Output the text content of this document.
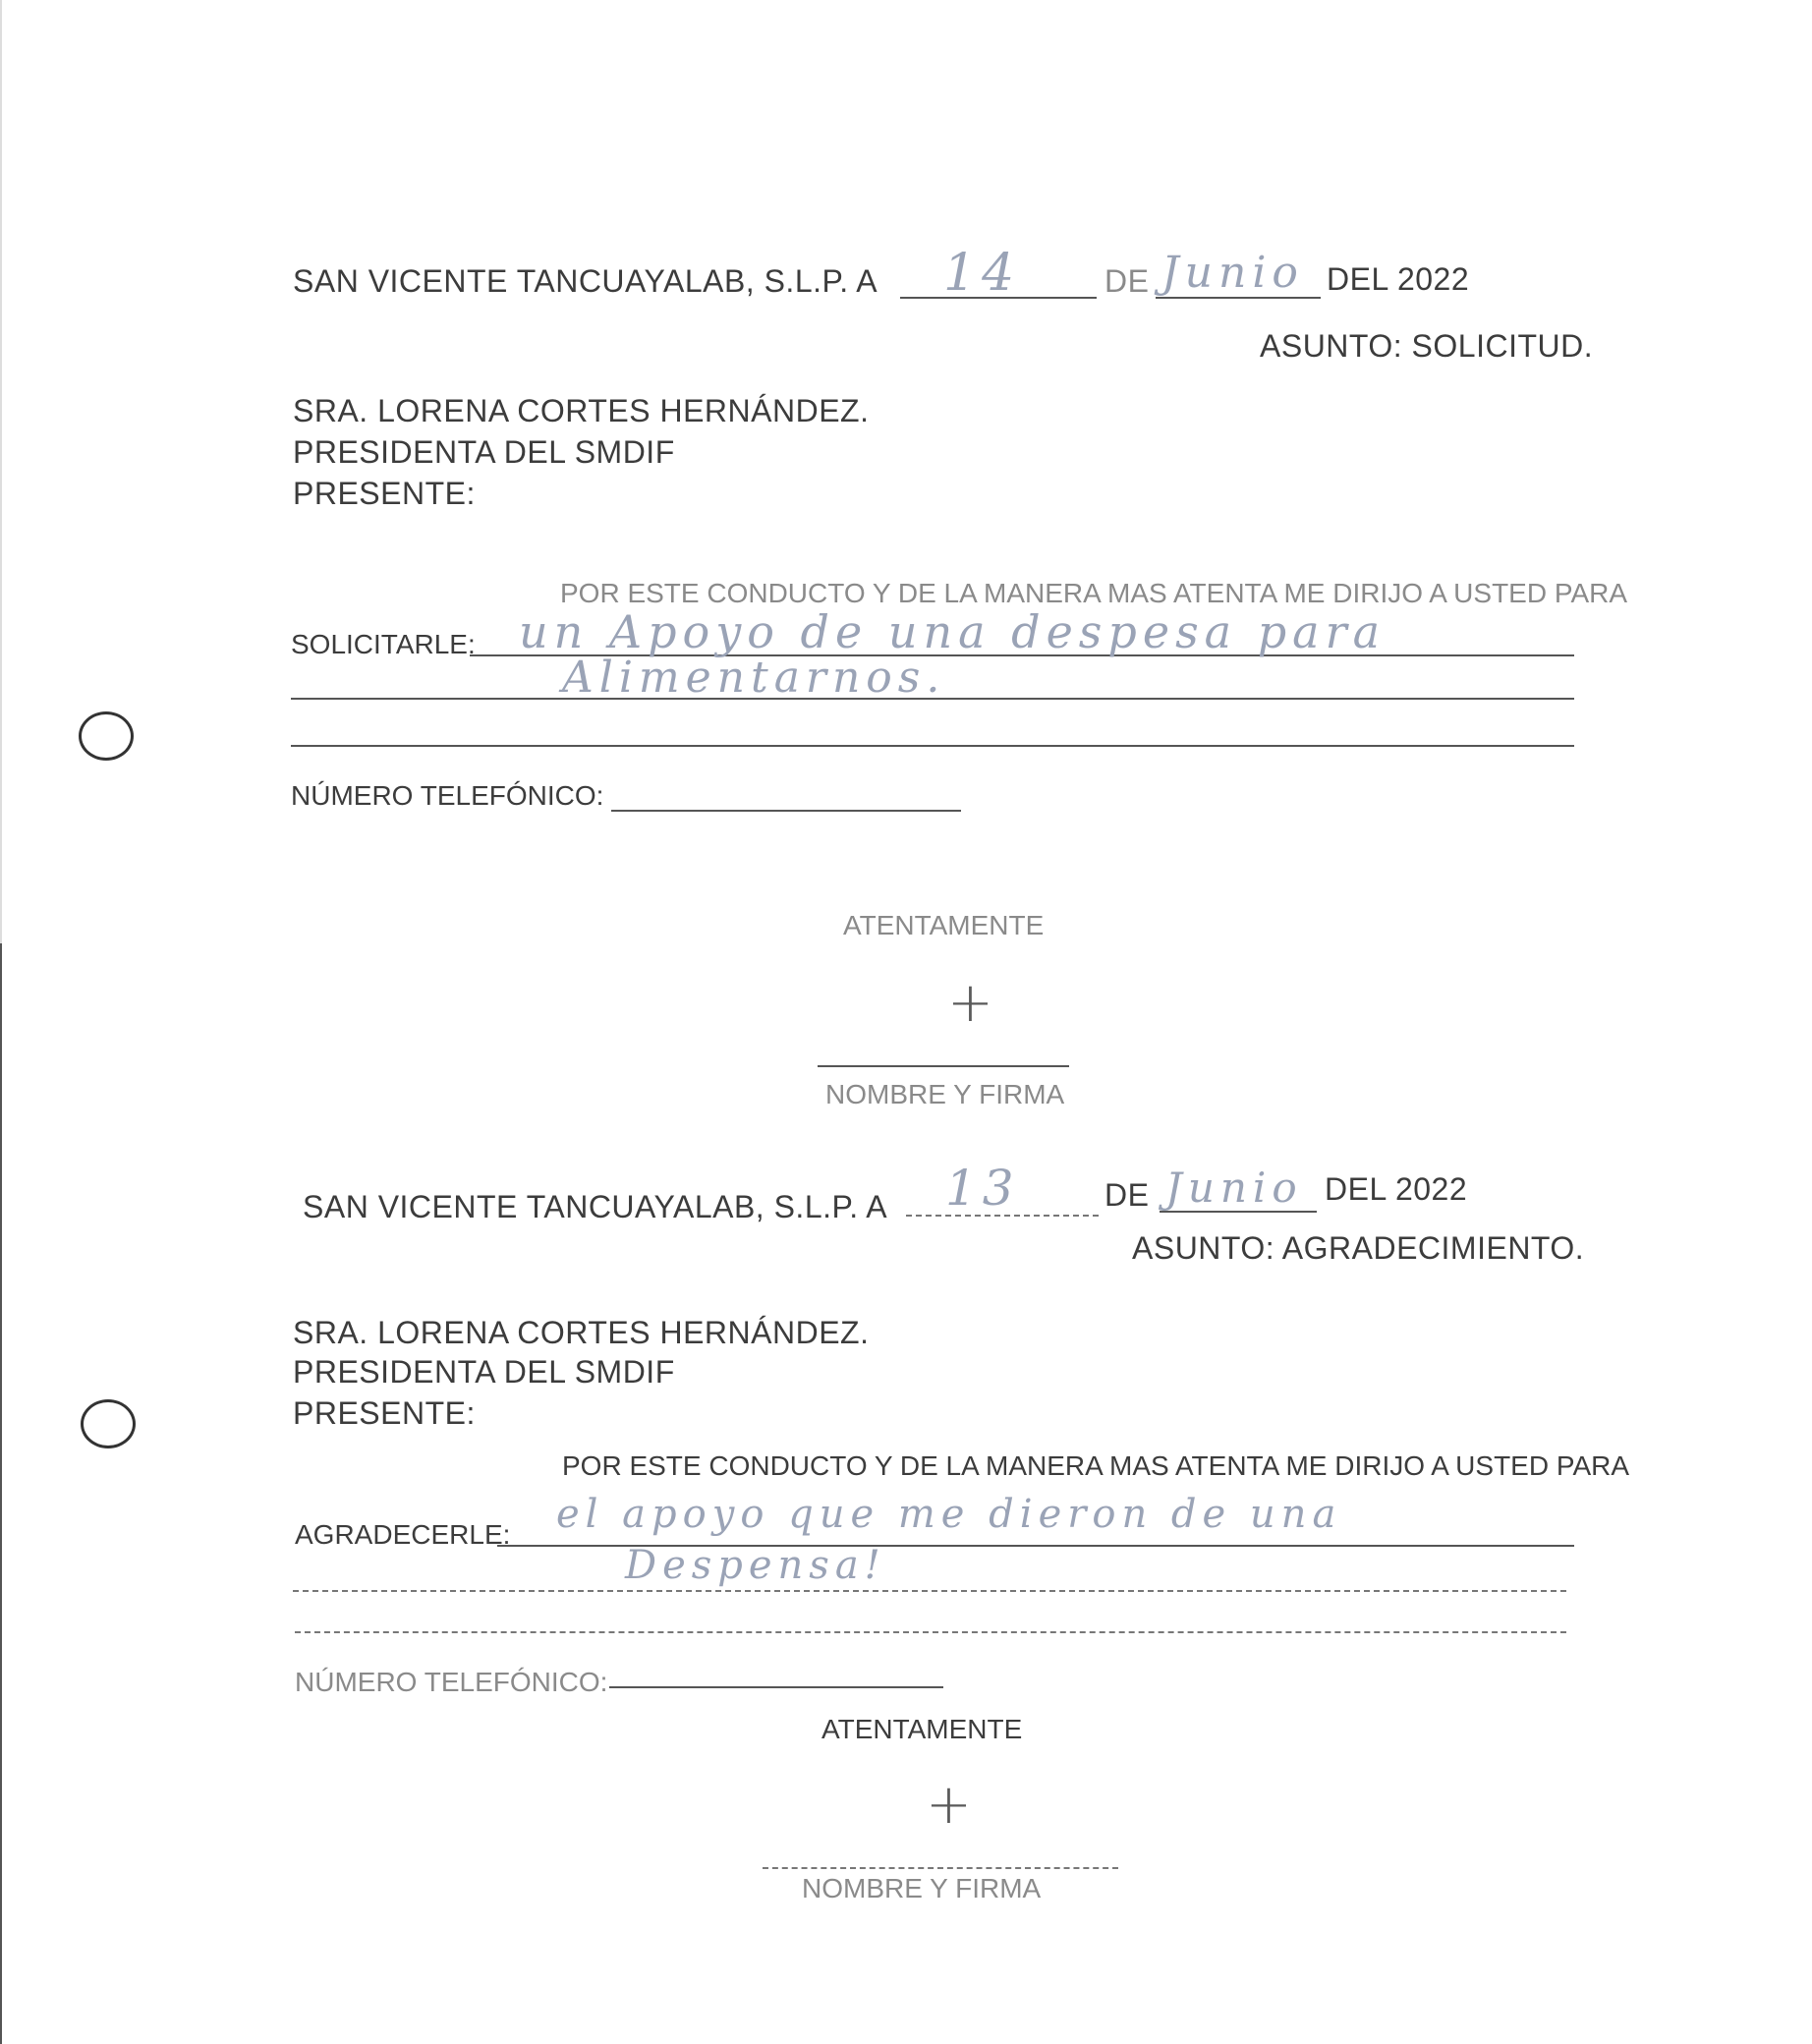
SAN VICENTE TANCUAYALAB, S.L.P. A 14	DE Junio DEL 2022
ASUNTO: SOLICITUD.
SRA. LORENA CORTES HERNÁNDEZ.
PRESIDENTA DEL SMDIF
PRESENTE:
POR ESTE CONDUCTO Y DE LA MANERA MAS ATENTA ME DIRIJO A USTED PARA
SOLICITARLE: un Apoyo de una despesa para
Alimentarnos.
NÚMERO TELEFÓNICO:
ATENTAMENTE
+
NOMBRE Y FIRMA
SAN VICENTE TANCUAYALAB, S.L.P. A 13	DE Junio DEL 2022
ASUNTO: AGRADECIMIENTO.
SRA. LORENA CORTES HERNÁNDEZ.
PRESIDENTA DEL SMDIF
PRESENTE:
POR ESTE CONDUCTO Y DE LA MANERA MAS ATENTA ME DIRIJO A USTED PARA
AGRADECERLE: el apoyo que me dieron de una
Despensa!
NÚMERO TELEFÓNICO:
ATENTAMENTE
+
NOMBRE Y FIRMA
